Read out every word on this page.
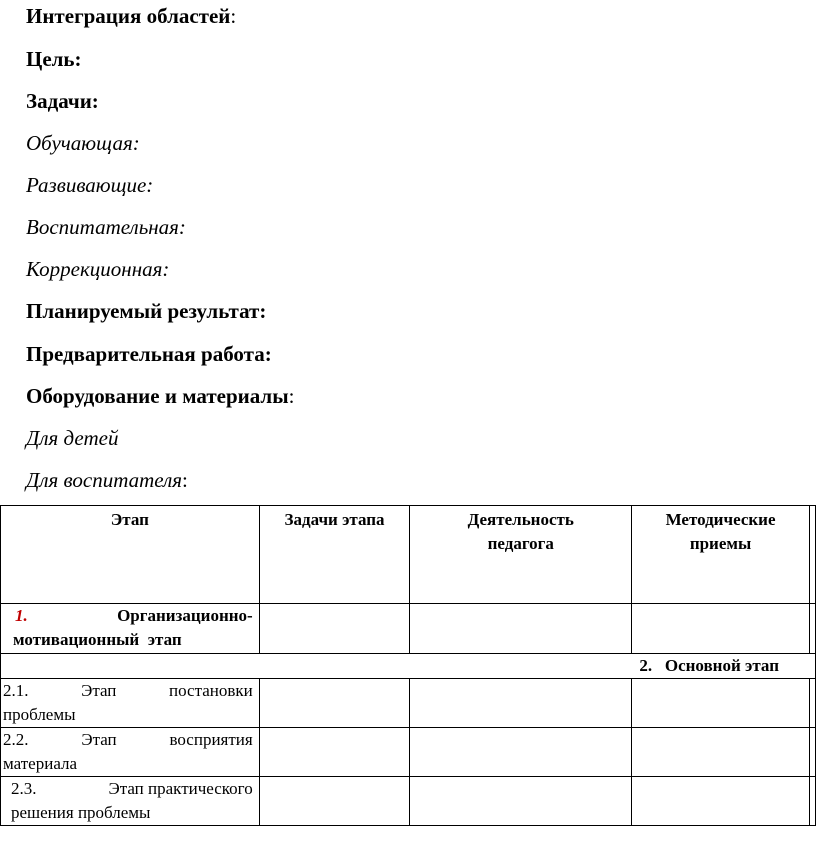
Интеграция областей:
Цель:
Задачи:
Обучающая:
Развивающие:
Воспитательная:
Коррекционная:
Планируемый результат:
Предварительная работа:
Оборудование и материалы:
Для детей
Для воспитателя:
Этап	Задачи этапа	Деятельность педагога	Методические приемы	

1. Организационно-
мотивационный  этап				

2.   Основной этап				

2.1. Этап постановки
проблемы				

2.2. Этап восприятия
материала				

2.3. Этап практического
решения проблемы				
